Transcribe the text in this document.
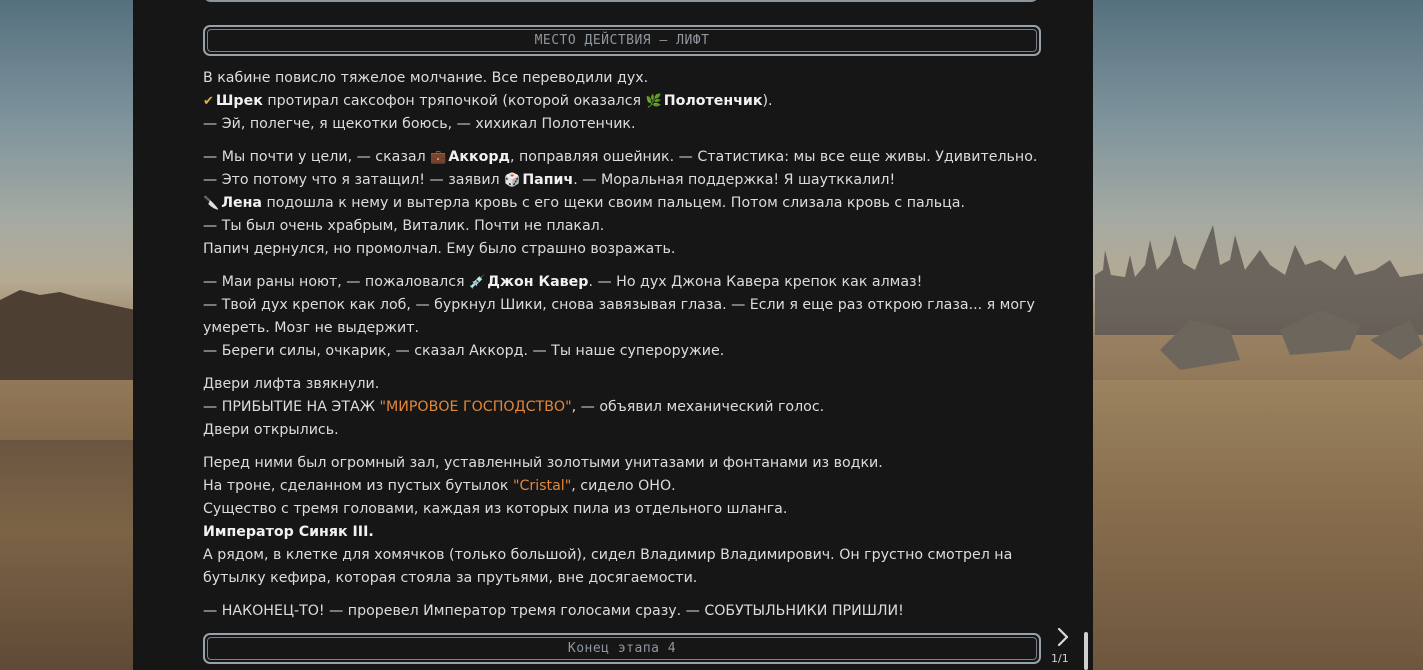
МЕСТО ДЕЙСТВИЯ – ЛИФТ

В кабине повисло тяжелое молчание. Все переводили дух.
✔ Шрек протирал саксофон тряпочкой (которой оказался 🌿 Полотенчик).
— Эй, полегче, я щекотки боюсь, — хихикал Полотенчик.

— Мы почти у цели, — сказал 💼 Аккорд, поправляя ошейник. — Статистика: мы все еще живы. Удивительно.
— Это потому что я затащил! — заявил 🎲 Папич. — Моральная поддержка! Я шаутккалил!
🔪 Лена подошла к нему и вытерла кровь с его щеки своим пальцем. Потом слизала кровь с пальца.
— Ты был очень храбрым, Виталик. Почти не плакал.
Папич дернулся, но промолчал. Ему было страшно возражать.

— Маи раны ноют, — пожаловался 💉 Джон Кавер. — Но дух Джона Кавера крепок как алмаз!
— Твой дух крепок как лоб, — буркнул Шики, снова завязывая глаза. — Если я еще раз открою глаза... я могу умереть. Мозг не выдержит.
— Береги силы, очкарик, — сказал Аккорд. — Ты наше супероружие.

Двери лифта звякнули.
— ПРИБЫТИЕ НА ЭТАЖ "МИРОВОЕ ГОСПОДСТВО", — объявил механический голос.
Двери открылись.

Перед ними был огромный зал, уставленный золотыми унитазами и фонтанами из водки.
На троне, сделанном из пустых бутылок "Cristal", сидело ОНО.
Существо с тремя головами, каждая из которых пила из отдельного шланга.
Император Синяк III.
А рядом, в клетке для хомячков (только большой), сидел Владимир Владимирович. Он грустно смотрел на бутылку кефира, которая стояла за прутьями, вне досягаемости.

— НАКОНЕЦ-ТО! — проревел Император тремя голосами сразу. — СОБУТЫЛЬНИКИ ПРИШЛИ!

Конец этапа 4
1/1
